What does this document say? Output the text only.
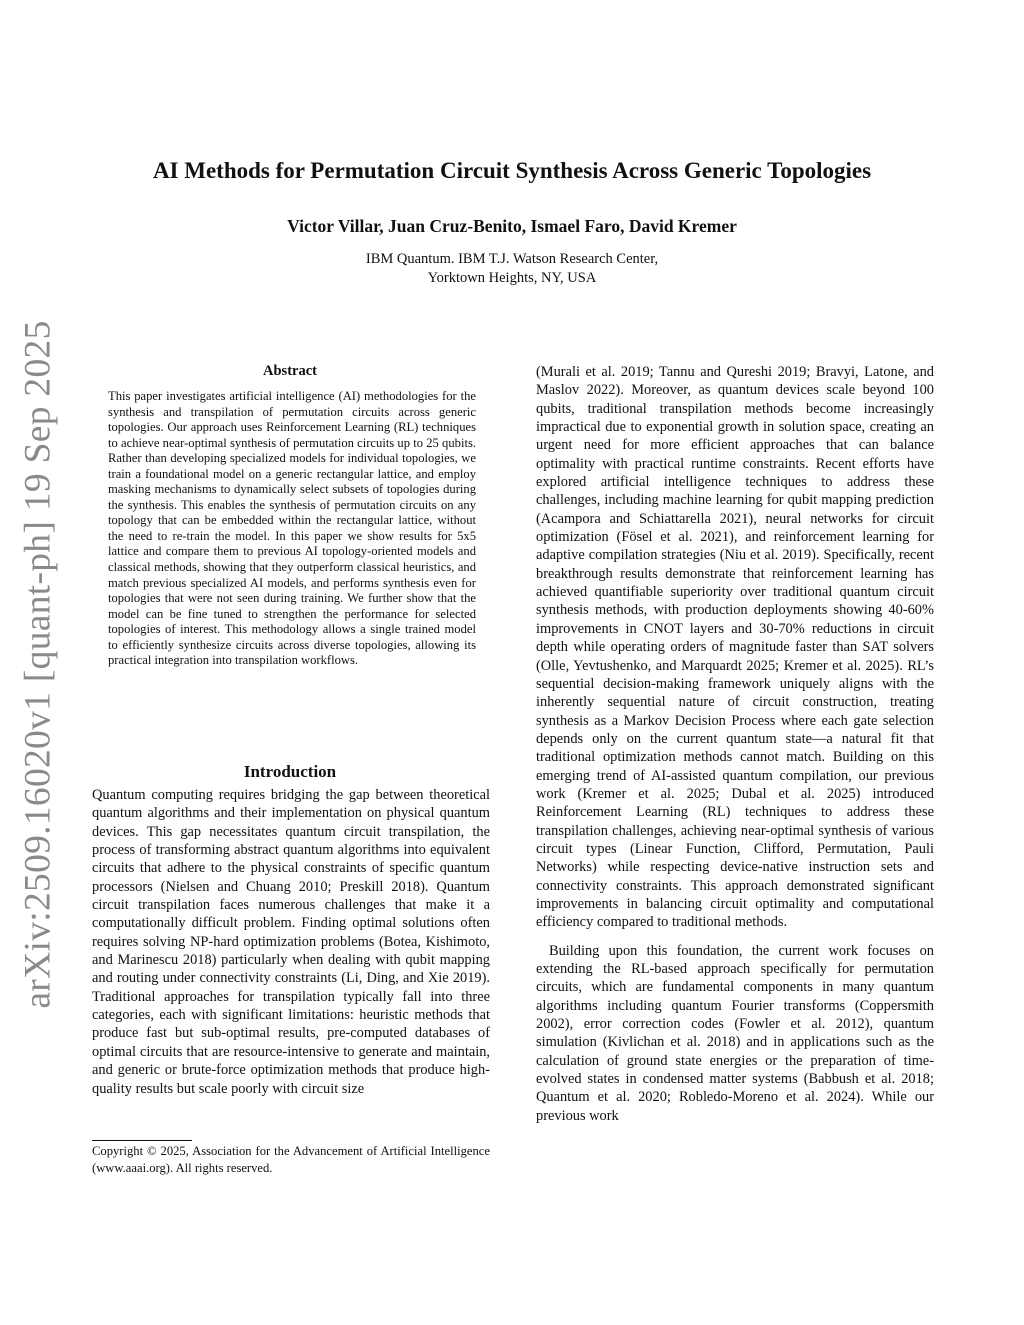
arXiv:2509.16020v1 [quant-ph] 19 Sep 2025
AI Methods for Permutation Circuit Synthesis Across Generic Topologies
Victor Villar, Juan Cruz-Benito, Ismael Faro, David Kremer
IBM Quantum. IBM T.J. Watson Research Center,
Yorktown Heights, NY, USA
Abstract
This paper investigates artificial intelligence (AI) methodologies for the synthesis and transpilation of permutation circuits across generic topologies. Our approach uses Reinforcement Learning (RL) techniques to achieve near-optimal synthesis of permutation circuits up to 25 qubits. Rather than developing specialized models for individual topologies, we train a foundational model on a generic rectangular lattice, and employ masking mechanisms to dynamically select subsets of topologies during the synthesis. This enables the synthesis of permutation circuits on any topology that can be embedded within the rectangular lattice, without the need to re-train the model. In this paper we show results for 5x5 lattice and compare them to previous AI topology-oriented models and classical methods, showing that they outperform classical heuristics, and match previous specialized AI models, and performs synthesis even for topologies that were not seen during training. We further show that the model can be fine tuned to strengthen the performance for selected topologies of interest. This methodology allows a single trained model to efficiently synthesize circuits across diverse topologies, allowing its practical integration into transpilation workflows.
Introduction
Quantum computing requires bridging the gap between theoretical quantum algorithms and their implementation on physical quantum devices. This gap necessitates quantum circuit transpilation, the process of transforming abstract quantum algorithms into equivalent circuits that adhere to the physical constraints of specific quantum processors (Nielsen and Chuang 2010; Preskill 2018). Quantum circuit transpilation faces numerous challenges that make it a computationally difficult problem. Finding optimal solutions often requires solving NP-hard optimization problems (Botea, Kishimoto, and Marinescu 2018) particularly when dealing with qubit mapping and routing under connectivity constraints (Li, Ding, and Xie 2019). Traditional approaches for transpilation typically fall into three categories, each with significant limitations: heuristic methods that produce fast but sub-optimal results, pre-computed databases of optimal circuits that are resource-intensive to generate and maintain, and generic or brute-force optimization methods that produce high-quality results but scale poorly with circuit size
Copyright © 2025, Association for the Advancement of Artificial Intelligence (www.aaai.org). All rights reserved.

(Murali et al. 2019; Tannu and Qureshi 2019; Bravyi, Latone, and Maslov 2022). Moreover, as quantum devices scale beyond 100 qubits, traditional transpilation methods become increasingly impractical due to exponential growth in solution space, creating an urgent need for more efficient approaches that can balance optimality with practical runtime constraints. Recent efforts have explored artificial intelligence techniques to address these challenges, including machine learning for qubit mapping prediction (Acampora and Schiattarella 2021), neural networks for circuit optimization (Fösel et al. 2021), and reinforcement learning for adaptive compilation strategies (Niu et al. 2019). Specifically, recent breakthrough results demonstrate that reinforcement learning has achieved quantifiable superiority over traditional quantum circuit synthesis methods, with production deployments showing 40-60% improvements in CNOT layers and 30-70% reductions in circuit depth while operating orders of magnitude faster than SAT solvers (Olle, Yevtushenko, and Marquardt 2025; Kremer et al. 2025). RL’s sequential decision-making framework uniquely aligns with the inherently sequential nature of circuit construction, treating synthesis as a Markov Decision Process where each gate selection depends only on the current quantum state—a natural fit that traditional optimization methods cannot match. Building on this emerging trend of AI-assisted quantum compilation, our previous work (Kremer et al. 2025; Dubal et al. 2025) introduced Reinforcement Learning (RL) techniques to address these transpilation challenges, achieving near-optimal synthesis of various circuit types (Linear Function, Clifford, Permutation, Pauli Networks) while respecting device-native instruction sets and connectivity constraints. This approach demonstrated significant improvements in balancing circuit optimality and computational efficiency compared to traditional methods.

Building upon this foundation, the current work focuses on extending the RL-based approach specifically for permutation circuits, which are fundamental components in many quantum algorithms including quantum Fourier transforms (Coppersmith 2002), error correction codes (Fowler et al. 2012), quantum simulation (Kivlichan et al. 2018) and in applications such as the calculation of ground state energies or the preparation of time-evolved states in condensed matter systems (Babbush et al. 2018; Quantum et al. 2020; Robledo-Moreno et al. 2024). While our previous work
